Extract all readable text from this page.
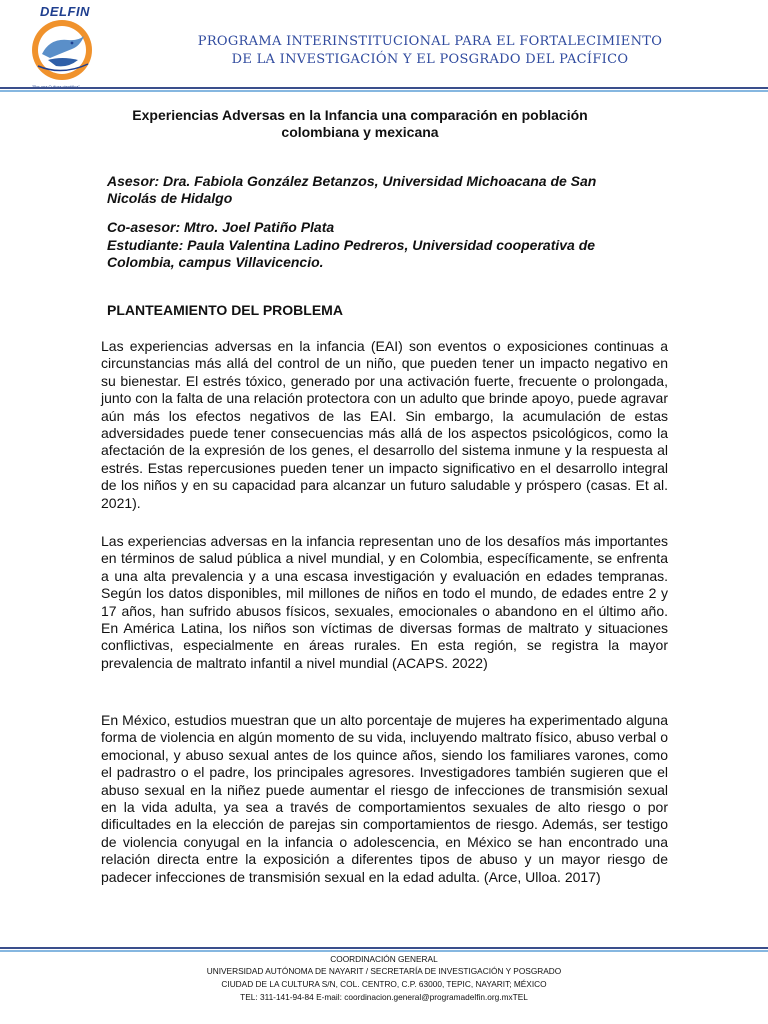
DELFIN
PROGRAMA INTERINSTITUCIONAL PARA EL FORTALECIMIENTO
DE LA INVESTIGACIÓN Y EL POSGRADO DEL PACÍFICO
Experiencias Adversas en la Infancia una comparación en población
colombiana y mexicana
Asesor: Dra. Fabiola González Betanzos, Universidad Michoacana de San Nicolás de Hidalgo
Co-asesor: Mtro. Joel Patiño Plata
Estudiante: Paula Valentina Ladino Pedreros, Universidad cooperativa de Colombia, campus Villavicencio.
PLANTEAMIENTO DEL PROBLEMA

Las experiencias adversas en la infancia (EAI) son eventos o exposiciones continuas a circunstancias más allá del control de un niño, que pueden tener un impacto negativo en su bienestar. El estrés tóxico, generado por una activación fuerte, frecuente o prolongada, junto con la falta de una relación protectora con un adulto que brinde apoyo, puede agravar aún más los efectos negativos de las EAI. Sin embargo, la acumulación de estas adversidades puede tener consecuencias más allá de los aspectos psicológicos, como la afectación de la expresión de los genes, el desarrollo del sistema inmune y la respuesta al estrés. Estas repercusiones pueden tener un impacto significativo en el desarrollo integral de los niños y en su capacidad para alcanzar un futuro saludable y próspero (casas. Et al. 2021).

Las experiencias adversas en la infancia representan uno de los desafíos más importantes en términos de salud pública a nivel mundial, y en Colombia, específicamente, se enfrenta a una alta prevalencia y a una escasa investigación y evaluación en edades tempranas. Según los datos disponibles, mil millones de niños en todo el mundo, de edades entre 2 y 17 años, han sufrido abusos físicos, sexuales, emocionales o abandono en el último año. En América Latina, los niños son víctimas de diversas formas de maltrato y situaciones conflictivas, especialmente en áreas rurales. En esta región, se registra la mayor prevalencia de maltrato infantil a nivel mundial (ACAPS. 2022)

En México, estudios muestran que un alto porcentaje de mujeres ha experimentado alguna forma de violencia en algún momento de su vida, incluyendo maltrato físico, abuso verbal o emocional, y abuso sexual antes de los quince años, siendo los familiares varones, como el padrastro o el padre, los principales agresores. Investigadores también sugieren que el abuso sexual en la niñez puede aumentar el riesgo de infecciones de transmisión sexual en la vida adulta, ya sea a través de comportamientos sexuales de alto riesgo o por dificultades en la elección de parejas sin comportamientos de riesgo. Además, ser testigo de violencia conyugal en la infancia o adolescencia, en México se han encontrado una relación directa entre la exposición a diferentes tipos de abuso y un mayor riesgo de padecer infecciones de transmisión sexual en la edad adulta. (Arce, Ulloa. 2017)

COORDINACIÓN GENERAL
UNIVERSIDAD AUTÓNOMA DE NAYARIT / SECRETARÍA DE INVESTIGACIÓN Y POSGRADO
CIUDAD DE LA CULTURA S/N, COL. CENTRO, C.P. 63000, TEPIC, NAYARIT; MÉXICO
TEL: 311-141-94-84 E-mail: coordinacion.general@programadelfin.org.mxTEL
